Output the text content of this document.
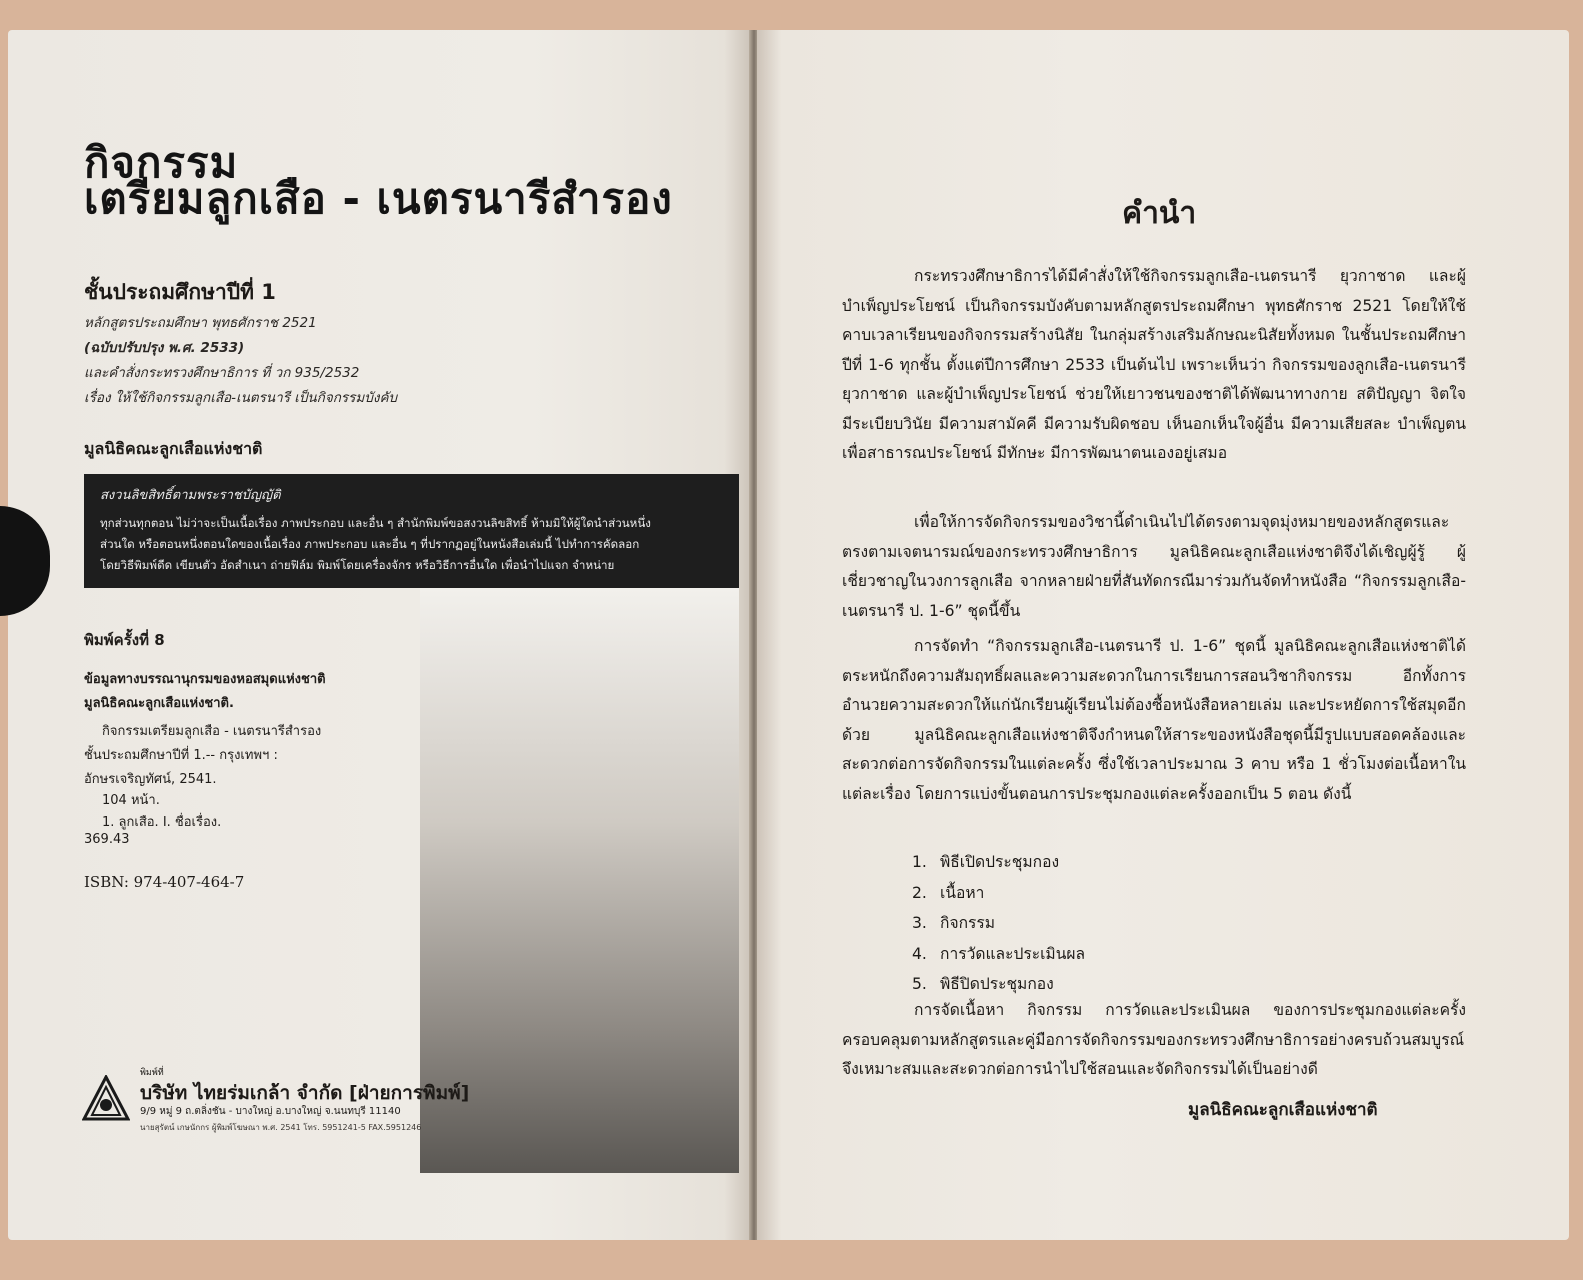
กิจกรรม
เตรียมลูกเสือ - เนตรนารีสำรอง
ชั้นประถมศึกษาปีที่ 1
หลักสูตรประถมศึกษา พุทธศักราช 2521
(ฉบับปรับปรุง พ.ศ. 2533)
และคำสั่งกระทรวงศึกษาธิการ ที่ วก 935/2532
เรื่อง ให้ใช้กิจกรรมลูกเสือ-เนตรนารี เป็นกิจกรรมบังคับ
มูลนิธิคณะลูกเสือแห่งชาติ
สงวนลิขสิทธิ์ตามพระราชบัญญัติ
ทุกส่วนทุกตอน ไม่ว่าจะเป็นเนื้อเรื่อง ภาพประกอบ และอื่น ๆ สำนักพิมพ์ขอสงวนลิขสิทธิ์ ห้ามมิให้ผู้ใดนำส่วนหนึ่ง
ส่วนใด หรือตอนหนึ่งตอนใดของเนื้อเรื่อง ภาพประกอบ และอื่น ๆ ที่ปรากฏอยู่ในหนังสือเล่มนี้ ไปทำการคัดลอก
โดยวิธีพิมพ์ดีด เขียนตัว อัดสำเนา ถ่ายฟิล์ม พิมพ์โดยเครื่องจักร หรือวิธีการอื่นใด เพื่อนำไปแจก จำหน่าย
พิมพ์ครั้งที่ 8
ข้อมูลทางบรรณานุกรมของหอสมุดแห่งชาติ
มูลนิธิคณะลูกเสือแห่งชาติ.
กิจกรรมเตรียมลูกเสือ - เนตรนารีสำรอง
ชั้นประถมศึกษาปีที่ 1.-- กรุงเทพฯ :
อักษรเจริญทัศน์, 2541.
104 หน้า.
1. ลูกเสือ. I. ชื่อเรื่อง.
369.43
ISBN: 974-407-464-7
พิมพ์ที่
บริษัท ไทยร่มเกล้า จำกัด [ฝ่ายการพิมพ์]
9/9 หมู่ 9 ถ.ตลิ่งชัน - บางใหญ่ อ.บางใหญ่ จ.นนทบุรี 11140
นายสุรัตน์ เกษนักกร ผู้พิมพ์โฆษณา พ.ศ. 2541 โทร. 5951241-5 FAX.5951246
คำนำ
กระทรวงศึกษาธิการได้มีคำสั่งให้ใช้กิจกรรมลูกเสือ-เนตรนารี ยุวกาชาด และผู้บำเพ็ญประโยชน์ เป็นกิจกรรมบังคับตามหลักสูตรประถมศึกษา พุทธศักราช 2521 โดยให้ใช้คาบเวลาเรียนของกิจกรรมสร้างนิสัย ในกลุ่มสร้างเสริมลักษณะนิสัยทั้งหมด ในชั้นประถมศึกษาปีที่ 1-6 ทุกชั้น ตั้งแต่ปีการศึกษา 2533 เป็นต้นไป เพราะเห็นว่า กิจกรรมของลูกเสือ-เนตรนารี ยุวกาชาด และผู้บำเพ็ญประโยชน์ ช่วยให้เยาวชนของชาติได้พัฒนาทางกาย สติปัญญา จิตใจ มีระเบียบวินัย มีความสามัคคี มีความรับผิดชอบ เห็นอกเห็นใจผู้อื่น มีความเสียสละ บำเพ็ญตนเพื่อสาธารณประโยชน์ มีทักษะ มีการพัฒนาตนเองอยู่เสมอ
เพื่อให้การจัดกิจกรรมของวิชานี้ดำเนินไปได้ตรงตามจุดมุ่งหมายของหลักสูตรและตรงตามเจตนารมณ์ของกระทรวงศึกษาธิการ มูลนิธิคณะลูกเสือแห่งชาติจึงได้เชิญผู้รู้ ผู้เชี่ยวชาญในวงการลูกเสือ จากหลายฝ่ายที่สันทัดกรณีมาร่วมกันจัดทำหนังสือ “กิจกรรมลูกเสือ-เนตรนารี ป. 1-6” ชุดนี้ขึ้น
การจัดทำ “กิจกรรมลูกเสือ-เนตรนารี ป. 1-6” ชุดนี้ มูลนิธิคณะลูกเสือแห่งชาติได้ตระหนักถึงความสัมฤทธิ์ผลและความสะดวกในการเรียนการสอนวิชากิจกรรม อีกทั้งการอำนวยความสะดวกให้แก่นักเรียนผู้เรียนไม่ต้องซื้อหนังสือหลายเล่ม และประหยัดการใช้สมุดอีกด้วย มูลนิธิคณะลูกเสือแห่งชาติจึงกำหนดให้สาระของหนังสือชุดนี้มีรูปแบบสอดคล้องและสะดวกต่อการจัดกิจกรรมในแต่ละครั้ง ซึ่งใช้เวลาประมาณ 3 คาบ หรือ 1 ชั่วโมงต่อเนื้อหาในแต่ละเรื่อง โดยการแบ่งขั้นตอนการประชุมกองแต่ละครั้งออกเป็น 5 ตอน ดังนี้
1. พิธีเปิดประชุมกอง
2. เนื้อหา
3. กิจกรรม
4. การวัดและประเมินผล
5. พิธีปิดประชุมกอง
การจัดเนื้อหา กิจกรรม การวัดและประเมินผล ของการประชุมกองแต่ละครั้งครอบคลุมตามหลักสูตรและคู่มือการจัดกิจกรรมของกระทรวงศึกษาธิการอย่างครบถ้วนสมบูรณ์ จึงเหมาะสมและสะดวกต่อการนำไปใช้สอนและจัดกิจกรรมได้เป็นอย่างดี
มูลนิธิคณะลูกเสือแห่งชาติ
